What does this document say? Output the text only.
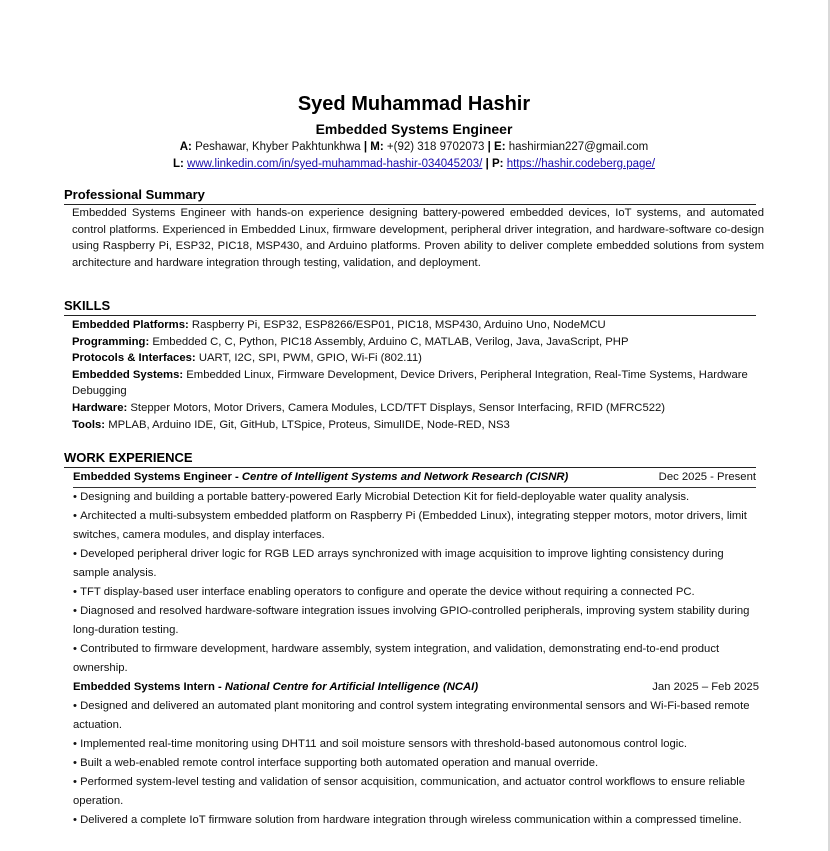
Syed Muhammad Hashir
Embedded Systems Engineer
A: Peshawar, Khyber Pakhtunkhwa | M: +(92) 318 9702073 | E: hashirmian227@gmail.com
L: www.linkedin.com/in/syed-muhammad-hashir-034045203/ | P: https://hashir.codeberg.page/
Professional Summary
Embedded Systems Engineer with hands-on experience designing battery-powered embedded devices, IoT systems, and automated control platforms. Experienced in Embedded Linux, firmware development, peripheral driver integration, and hardware-software co-design using Raspberry Pi, ESP32, PIC18, MSP430, and Arduino platforms. Proven ability to deliver complete embedded solutions from system architecture and hardware integration through testing, validation, and deployment.
SKILLS
Embedded Platforms: Raspberry Pi, ESP32, ESP8266/ESP01, PIC18, MSP430, Arduino Uno, NodeMCU
Programming: Embedded C, C, Python, PIC18 Assembly, Arduino C, MATLAB, Verilog, Java, JavaScript, PHP
Protocols & Interfaces: UART, I2C, SPI, PWM, GPIO, Wi-Fi (802.11)
Embedded Systems: Embedded Linux, Firmware Development, Device Drivers, Peripheral Integration, Real-Time Systems, Hardware Debugging
Hardware: Stepper Motors, Motor Drivers, Camera Modules, LCD/TFT Displays, Sensor Interfacing, RFID (MFRC522)
Tools: MPLAB, Arduino IDE, Git, GitHub, LTSpice, Proteus, SimulIDE, Node-RED, NS3
WORK EXPERIENCE
Embedded Systems Engineer - Centre of Intelligent Systems and Network Research (CISNR)	Dec 2025 - Present
• Designing and building a portable battery-powered Early Microbial Detection Kit for field-deployable water quality analysis.
• Architected a multi-subsystem embedded platform on Raspberry Pi (Embedded Linux), integrating stepper motors, motor drivers, limit switches, camera modules, and display interfaces.
• Developed peripheral driver logic for RGB LED arrays synchronized with image acquisition to improve lighting consistency during sample analysis.
• TFT display-based user interface enabling operators to configure and operate the device without requiring a connected PC.
• Diagnosed and resolved hardware-software integration issues involving GPIO-controlled peripherals, improving system stability during long-duration testing.
• Contributed to firmware development, hardware assembly, system integration, and validation, demonstrating end-to-end product ownership.
Embedded Systems Intern - National Centre for Artificial Intelligence (NCAI)	Jan 2025 – Feb 2025
• Designed and delivered an automated plant monitoring and control system integrating environmental sensors and Wi-Fi-based remote actuation.
• Implemented real-time monitoring using DHT11 and soil moisture sensors with threshold-based autonomous control logic.
• Built a web-enabled remote control interface supporting both automated operation and manual override.
• Performed system-level testing and validation of sensor acquisition, communication, and actuator control workflows to ensure reliable operation.
• Delivered a complete IoT firmware solution from hardware integration through wireless communication within a compressed timeline.
